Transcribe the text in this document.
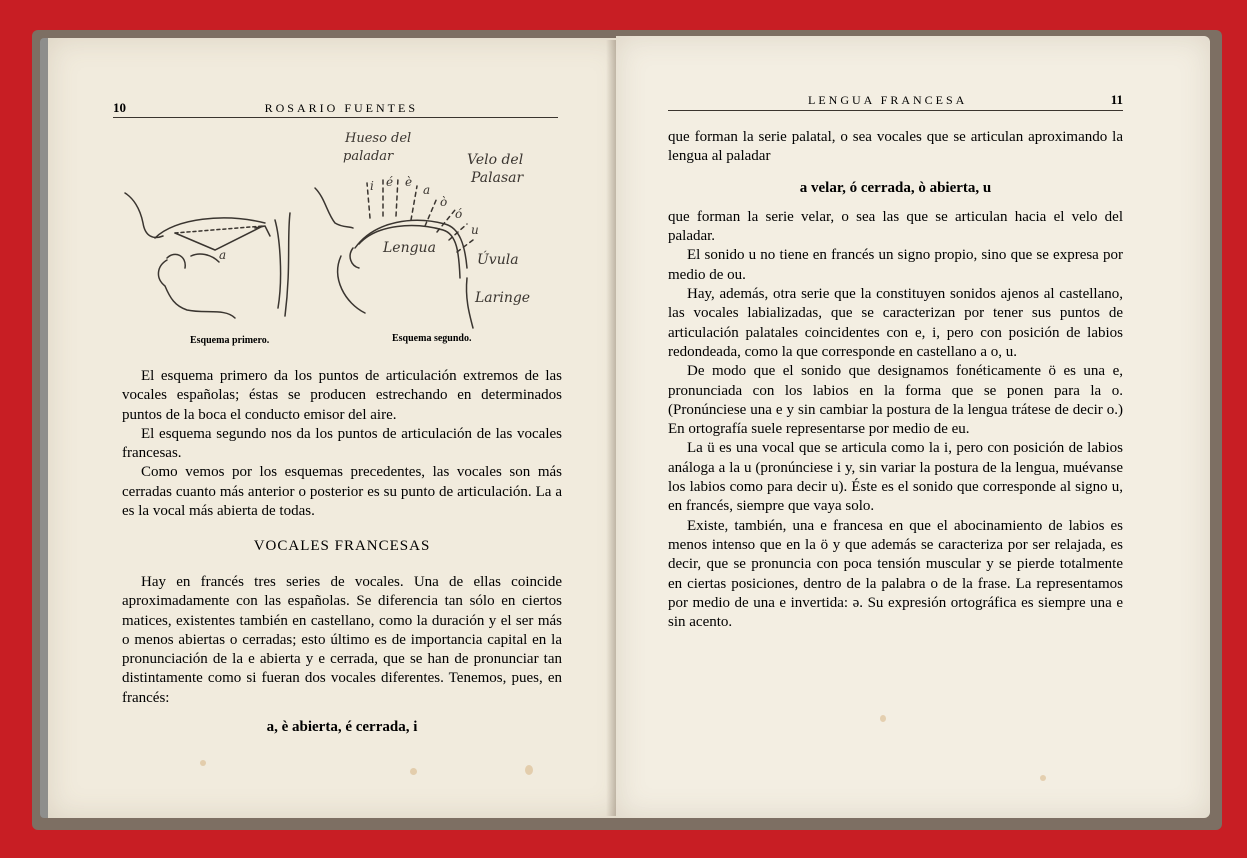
10	ROSARIO FUENTES
a
Hueso del
paladar	Velo del
Palasar
i é è
a
ò
ó
u
Lengua
Úvula
Laringe
Esquema primero.	Esquema segundo.

El esquema primero da los puntos de articulación extremos de las vocales españolas; éstas se producen estrechando en determinados puntos de la boca el conducto emisor del aire.

El esquema segundo nos da los puntos de articulación de las vocales francesas.

Como vemos por los esquemas precedentes, las vocales son más cerradas cuanto más anterior o posterior es su punto de articulación. La a es la vocal más abierta de todas.

VOCALES FRANCESAS

Hay en francés tres series de vocales. Una de ellas coincide aproximadamente con las españolas. Se diferencia tan sólo en ciertos matices, existentes también en castellano, como la duración y el ser más o menos abiertas o cerradas; esto último es de importancia capital en la pronunciación de la e abierta y e cerrada, que se han de pronunciar tan distintamente como si fueran dos vocales diferentes. Tenemos, pues, en francés:

a, è abierta, é cerrada, i

LENGUA FRANCESA	11

que forman la serie palatal, o sea vocales que se articulan aproximando la lengua al paladar

a velar, ó cerrada, ò abierta, u

que forman la serie velar, o sea las que se articulan hacia el velo del paladar.

El sonido u no tiene en francés un signo propio, sino que se expresa por medio de ou.

Hay, además, otra serie que la constituyen sonidos ajenos al castellano, las vocales labializadas, que se caracterizan por tener sus puntos de articulación palatales coincidentes con e, i, pero con posición de labios redondeada, como la que corresponde en castellano a o, u.

De modo que el sonido que designamos fonéticamente ö es una e, pronunciada con los labios en la forma que se ponen para la o. (Pronúnciese una e y sin cambiar la postura de la lengua trátese de decir o.) En ortografía suele representarse por medio de eu.

La ü es una vocal que se articula como la i, pero con posición de labios análoga a la u (pronúnciese i y, sin variar la postura de la lengua, muévanse los labios como para decir u). Éste es el sonido que corresponde al signo u, en francés, siempre que vaya solo.

Existe, también, una e francesa en que el abocinamiento de labios es menos intenso que en la ö y que además se caracteriza por ser relajada, es decir, que se pronuncia con poca tensión muscular y se pierde totalmente en ciertas posiciones, dentro de la palabra o de la frase. La representamos por medio de una e invertida: ə. Su expresión ortográfica es siempre una e sin acento.
